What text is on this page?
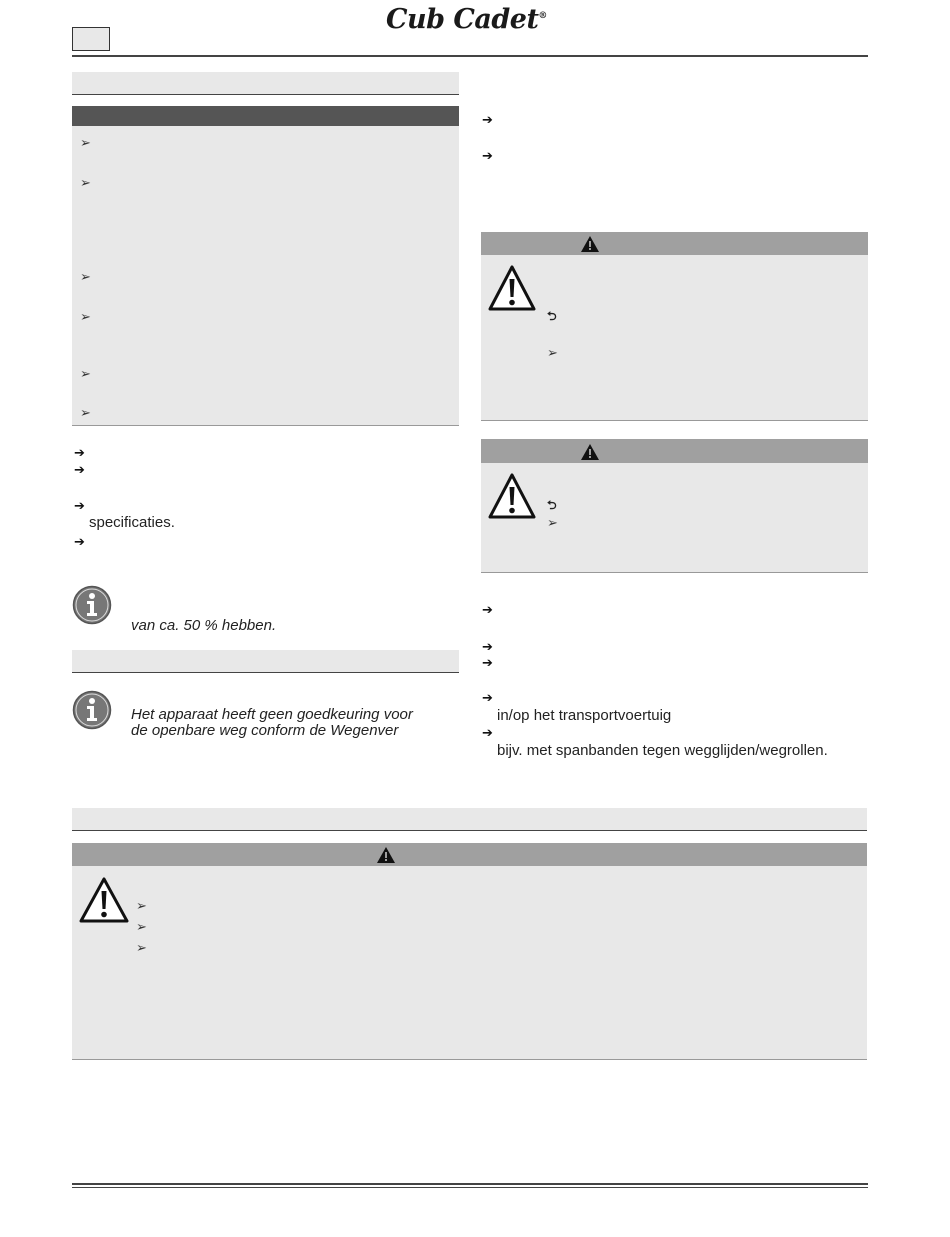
Cub Cadet®
➢
➢
➢
➢
➢
➢
➔
➔
➔
specificaties.
➔
van ca. 50 % hebben.
Het apparaat heeft geen goedkeuring voor
de openbare weg conform de Wegenver
➔
➔
⮌
➢
⮌
➢
➔
➔
➔
➔
in/op het transportvoertuig
➔
bijv. met spanbanden tegen wegglijden/wegrollen.
➢
➢
➢
